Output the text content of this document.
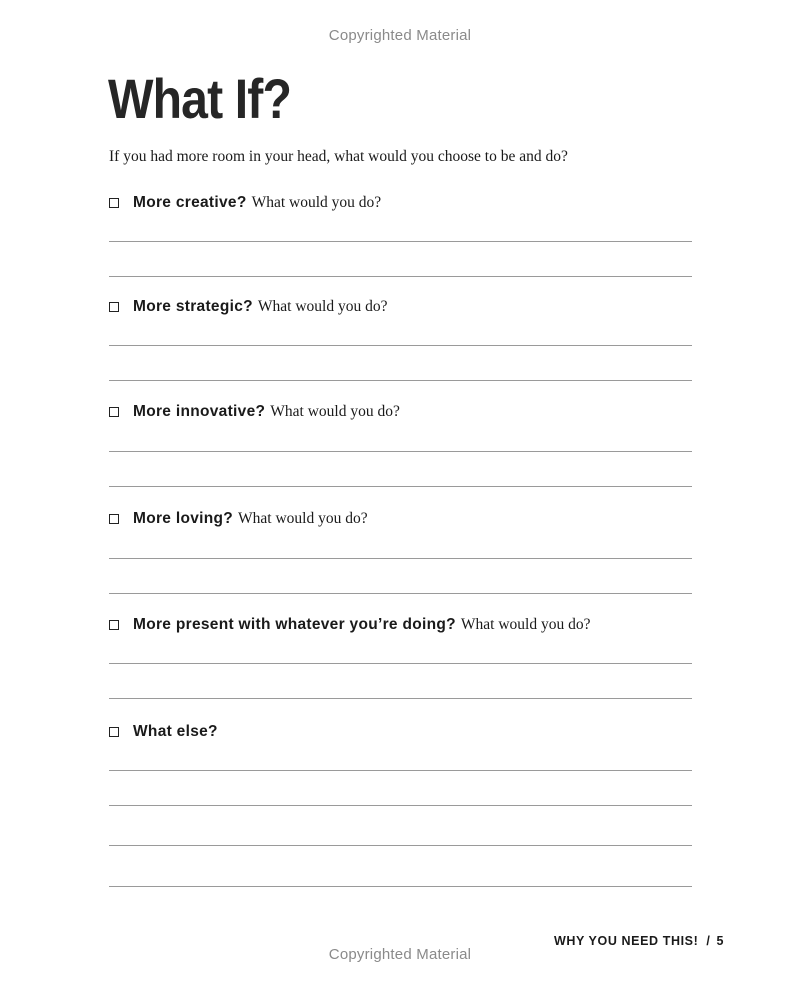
Copyrighted Material
What If?

If you had more room in your head, what would you choose to be and do?

More creative? What would you do?
More strategic? What would you do?
More innovative? What would you do?
More loving? What would you do?
More present with whatever you’re doing? What would you do?
What else?
WHY YOU NEED THIS! / 5
Copyrighted Material
